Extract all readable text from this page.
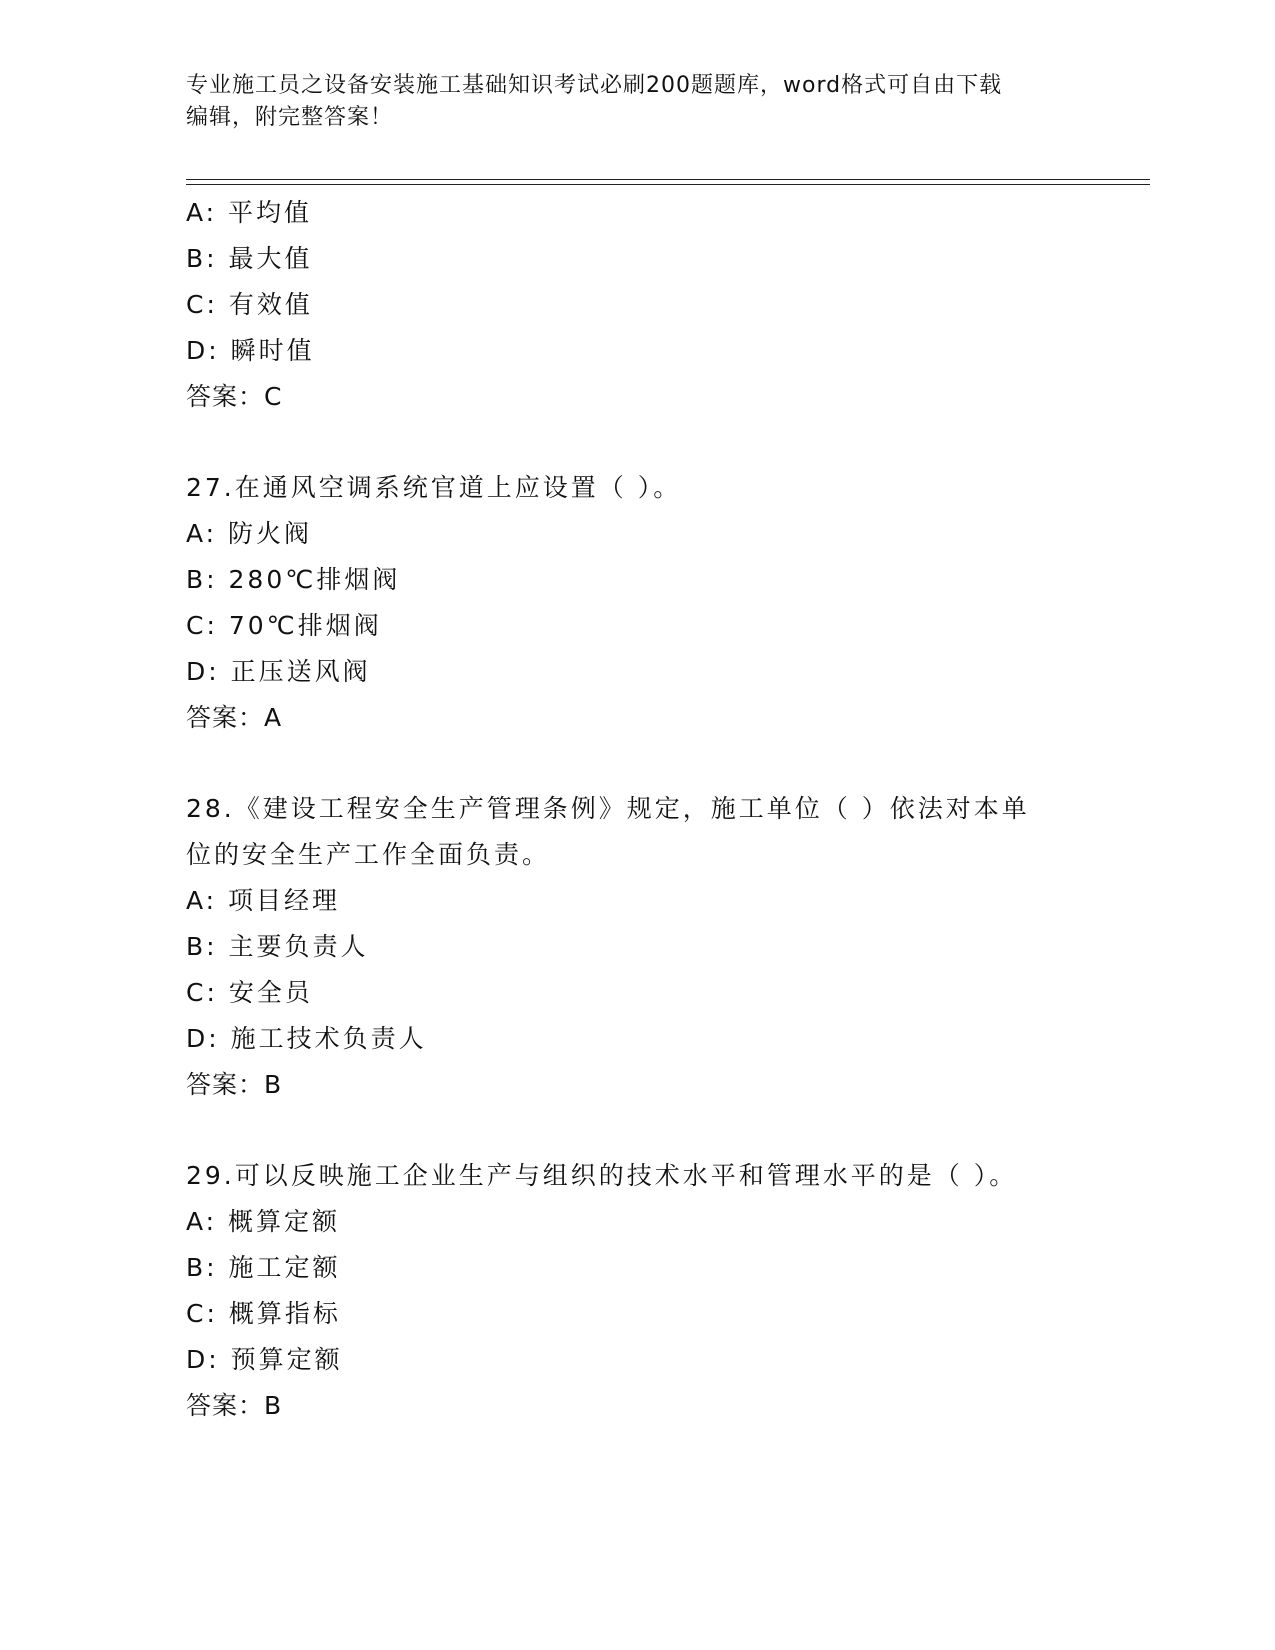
专业施工员之设备安装施工基础知识考试必刷200题题库，word格式可自由下载
编辑，附完整答案！
A: 平均值
B: 最大值
C: 有效值
D: 瞬时值
答案：C
27.在通风空调系统官道上应设置（ ）。
A: 防火阀
B: 280℃排烟阀
C: 70℃排烟阀
D: 正压送风阀
答案：A
28.《建设工程安全生产管理条例》规定，施工单位（ ）依法对本单
位的安全生产工作全面负责。
A: 项目经理
B: 主要负责人
C: 安全员
D: 施工技术负责人
答案：B
29.可以反映施工企业生产与组织的技术水平和管理水平的是（ ）。
A: 概算定额
B: 施工定额
C: 概算指标
D: 预算定额
答案：B
